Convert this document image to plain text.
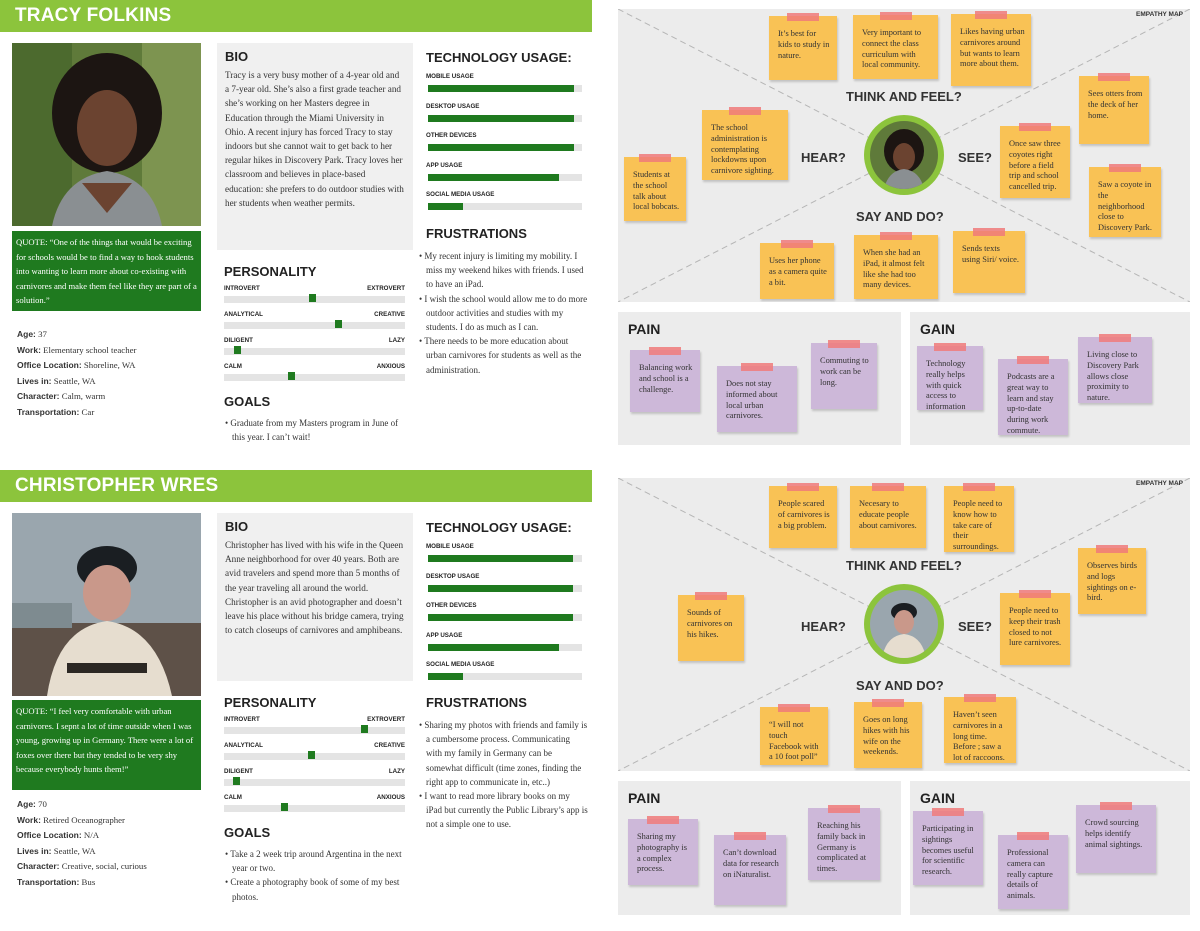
TRACY FOLKINS
QUOTE: “One of the things that would be exciting for schools would be to find a way to hook students into wanting to learn more about co-existing with carnivores and make them feel like they are part of a solution.”
Age: 37
Work: Elementary school teacher
Office Location: Shoreline, WA
Lives in: Seattle, WA
Character: Calm, warm
Transportation: Car
BIO
Tracy is a very busy mother of a 4-year old and a 7-year old. She’s also a first grade teacher and she’s working on her Masters degree in Education through the Miami University in Ohio. A recent injury has forced Tracy to stay indoors but she cannot wait to get back to her regular hikes in Discovery Park. Tracy loves her classroom and believes in place-based education: she prefers to do outdoor studies with her students when weather permits.
PERSONALITY
INTROVERT	EXTROVERT
ANALYTICAL	CREATIVE
DILIGENT	LAZY
CALM	ANXIOUS
GOALS
• Graduate from my Masters program in June of this year. I can’t wait!
TECHNOLOGY USAGE:
MOBILE USAGE
DESKTOP USAGE
OTHER DEVICES
APP USAGE
SOCIAL MEDIA USAGE
FRUSTRATIONS
• My recent injury is limiting my mobility. I miss my weekend hikes with friends. I used to have an iPad.
• I wish the school would allow me to do more outdoor activities and studies with my students. I do as much as I can.
• There needs to be more education about urban carnivores for students as well as the administration.
EMPATHY MAP
THINK AND FEEL?
HEAR?	SEE?
SAY AND DO?
It’s best for kids to study in nature.
Very important to connect the class curriculum with local community.
Likes having urban carnivores around but wants to learn more about them.
The school administration is contemplating lockdowns upon carnivore sighting.
Students at the school talk about local bobcats.
Sees otters from the deck of her home.
Once saw three coyotes right before a field trip and school cancelled trip.	Saw a coyote in the neighborhood close to Discovery Park.
Uses her phone as a camera quite a bit.
When she had an iPad, it almost felt like she had too many devices.
Sends texts using Siri/ voice.
PAIN
Balancing work and school is a challenge.
Does not stay informed about local urban carnivores.
Commuting to work can be long.
GAIN
Technology really helps with quick access to information
Podcasts are a great way to learn and stay up-to-date during work commute.
Living close to Discovery Park allows close proximity to nature.
CHRISTOPHER WRES
QUOTE: “I feel very comfortable with urban carnivores. I sepnt a lot of time outside when I was young, growing up in Germany. There were a lot of foxes over there but they tended to be very shy because everybody hunts them!”
Age: 70
Work: Retired Oceanographer
Office Location: N/A
Lives in: Seattle, WA
Character: Creative, social, curious
Transportation: Bus
BIO
Christopher has lived with his wife in the Queen Anne neighborhood for over 40 years. Both are avid travelers and spend more than 5 months of the year traveling all around the world. Christopher is an avid photographer and doesn’t leave his place without his bridge camera, trying to catch closeups of carnivores and amphibeans.
PERSONALITY
INTROVERT	EXTROVERT
ANALYTICAL	CREATIVE
DILIGENT	LAZY
CALM	ANXIOUS
GOALS
• Take a 2 week trip around Argentina in the next year or two.
• Create a photography book of some of my best photos.
TECHNOLOGY USAGE:
MOBILE USAGE
DESKTOP USAGE
OTHER DEVICES
APP USAGE
SOCIAL MEDIA USAGE
FRUSTRATIONS
• Sharing my photos with friends and family is a cumbersome process. Communicating with my family in Germany can be somewhat difficult (time zones, finding the right app to communicate in, etc..)
• I want to read more library books on my iPad but currently the Public Library’s app is not a simple one to use.
EMPATHY MAP
THINK AND FEEL?
HEAR?	SEE?
SAY AND DO?
People scared of carnivores is a big problem.
Necesary to educate people about carnivores.
People need to know how to take care of their surroundings.
Sounds of carnivores on his hikes.
Observes birds and logs sightings on e-bird.
People need to keep their trash closed to not lure carnivores.
“I will not touch Facebook with a 10 foot poll”
Goes on long hikes with his wife on the weekends.
Haven’t seen carnivores in a long time. Before ; saw a lot of raccoons.
PAIN
Sharing my photography is a complex process.
Can’t download data for research on iNaturalist.
Reaching his family back in Germany is complicated at times.
GAIN
Participating in sightings becomes useful for scientific research.
Professional camera can really capture details of animals.
Crowd sourcing helps identify animal sightings.
